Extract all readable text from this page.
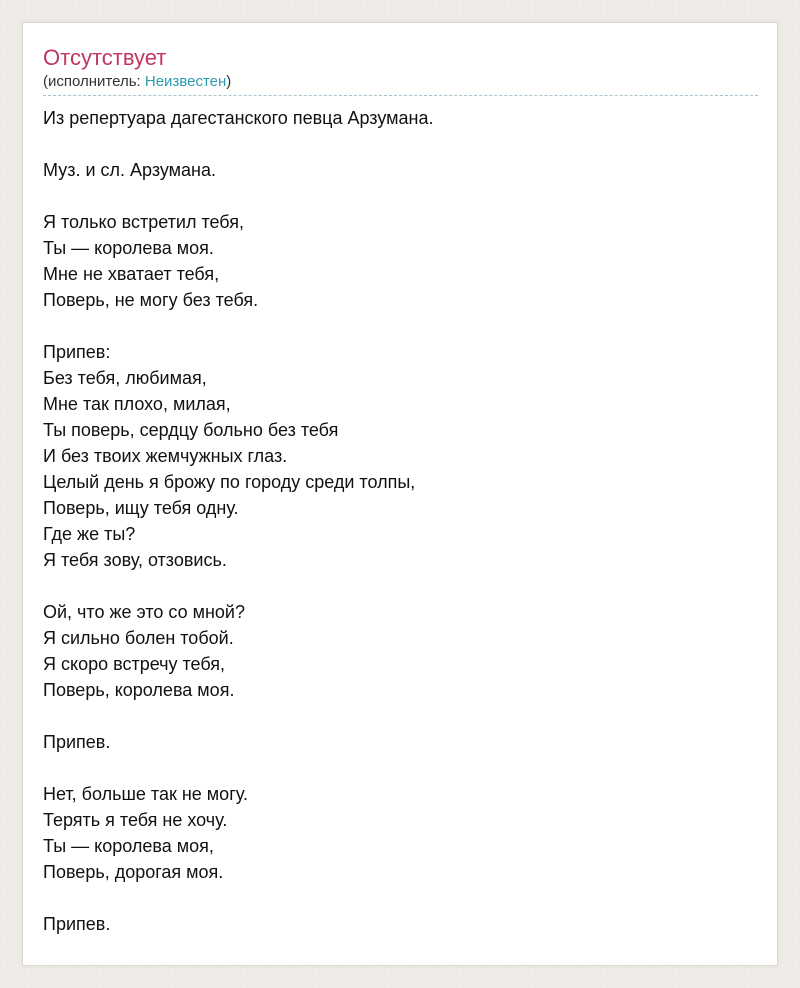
Отсутствует
(исполнитель: Неизвестен)
Из репертуара дагестанского певца Арзумана.
Муз. и сл. Арзумана.
Я только встретил тебя,
Ты — королева моя.
Мне не хватает тебя,
Поверь, не могу без тебя.
Припев:
Без тебя, любимая,
Мне так плохо, милая,
Ты поверь, сердцу больно без тебя
И без твоих жемчужных глаз.
Целый день я брожу по городу среди толпы,
Поверь, ищу тебя одну.
Где же ты?
Я тебя зову, отзовись.
Ой, что же это со мной?
Я сильно болен тобой.
Я скоро встречу тебя,
Поверь, королева моя.
Припев.
Нет, больше так не могу.
Терять я тебя не хочу.
Ты — королева моя,
Поверь, дорогая моя.
Припев.
